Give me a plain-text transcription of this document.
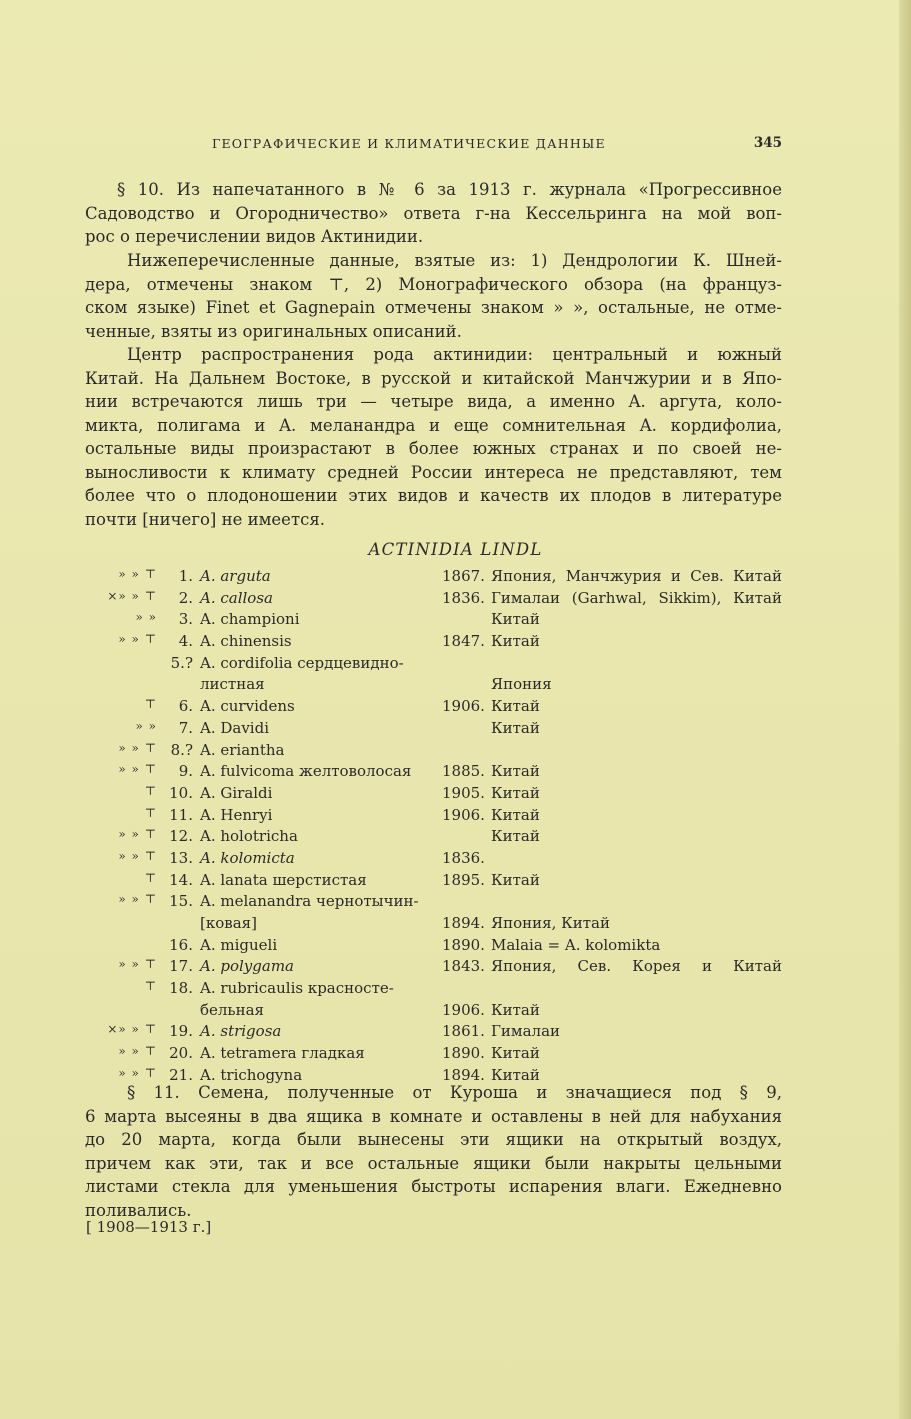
ГЕОГРАФИЧЕСКИЕ И КЛИМАТИЧЕСКИЕ ДАННЫЕ	345
§ 10. Из напечатанного в № 6 за 1913 г. журнала «Прогрессивное
Садоводство и Огородничество» ответа г-на Кессельринга на мой воп-
рос о перечислении видов Актинидии.
Нижеперечисленные данные, взятые из: 1) Дендрологии К. Шней-
дера, отмечены знаком ⊤, 2) Монографического обзора (на француз-
ском языке) Finet et Gagnepain отмечены знаком » », остальные, не отме-
ченные, взяты из оригинальных описаний.
Центр распространения рода актинидии: центральный и южный
Китай. На Дальнем Востоке, в русской и китайской Манчжурии и в Япо-
нии встречаются лишь три — четыре вида, а именно A. аргута, коло-
микта, полигама и A. меланандра и еще сомнительная A. кордифолиа,
остальные виды произрастают в более южных странах и по своей не-
выносливости к климату средней России интереса не представляют, тем
более что о плодоношении этих видов и качеств их плодов в литературе
почти [ничего] не имеется.
ACTINIDIA LINDL
» » ⊤	1. A. arguta	1867. Япония, Манчжурия и Сев. Китай
×» » ⊤	2. A. callosa	1836. Гималаи (Garhwal, Sikkim), Китай
» »	3. A. championi	Китай
» » ⊤	4. A. chinensis	1847. Китай
5.? A. cordifolia сердцевидно-
листная	Япония
⊤	6. A. curvidens	1906. Китай
» »	7. A. Davidi	Китай
» » ⊤ 8.? A. eriantha
» » ⊤	9. A. fulvicoma желтоволосая	1885. Китай
⊤ 10. A. Giraldi	1905. Китай
⊤ 11. A. Henryi	1906. Китай
» » ⊤ 12. A. holotricha	Китай
» » ⊤ 13. A. kolomicta	1836.
⊤ 14. A. lanata шерстистая	1895. Китай
» » ⊤ 15. A. melanandra чернотычин-
[ковая]	1894. Япония, Китай
16. A. migueli	1890. Malaia = A. kolomikta
» » ⊤ 17. A. polygama	1843. Япония, Сев. Корея и Китай
⊤ 18. A. rubricaulis красносте-
бельная	1906. Китай
×» » ⊤ 19. A. strigosa	1861. Гималаи
» » ⊤ 20. A. tetramera гладкая	1890. Китай
» » ⊤ 21. A. trichogyna	1894. Китай
§ 11. Семена, полученные от Куроша и значащиеся под § 9,
6 марта высеяны в два ящика в комнате и оставлены в ней для набухания
до 20 марта, когда были вынесены эти ящики на открытый воздух,
причем как эти, так и все остальные ящики были накрыты цельными
листами стекла для уменьшения быстроты испарения влаги. Ежедневно
поливались.
[ 1908—1913 г.]
